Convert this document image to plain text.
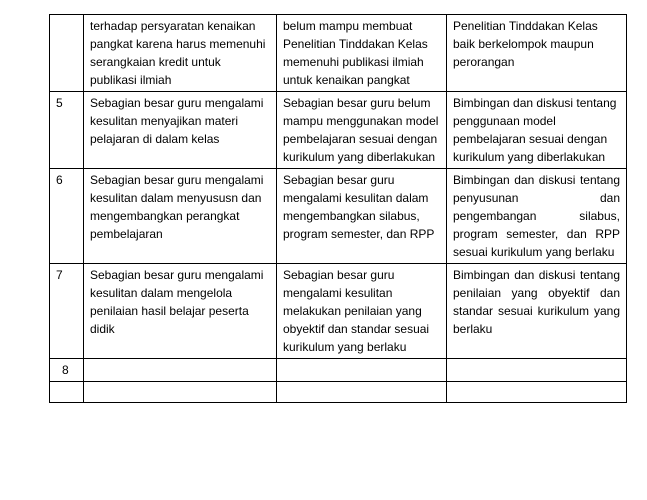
	terhadap persyaratan kenaikan pangkat karena harus memenuhi serangkaian kredit untuk publikasi ilmiah	belum mampu membuat Penelitian Tinddakan Kelas memenuhi publikasi ilmiah untuk kenaikan pangkat	Penelitian Tinddakan Kelas baik berkelompok maupun perorangan
5	Sebagian besar guru mengalami kesulitan menyajikan materi pelajaran di dalam kelas	Sebagian besar guru belum mampu menggunakan model pembelajaran sesuai dengan kurikulum yang diberlakukan	Bimbingan dan diskusi tentang penggunaan model pembelajaran sesuai dengan kurikulum yang diberlakukan
6	Sebagian besar guru mengalami kesulitan dalam menyususn dan mengembangkan perangkat pembelajaran	Sebagian besar guru mengalami kesulitan dalam mengembangkan silabus, program semester, dan RPP	Bimbingan dan diskusi tentang penyusunan dan pengembangan silabus, program semester, dan RPP sesuai kurikulum yang berlaku
7	Sebagian besar guru mengalami kesulitan dalam mengelola penilaian hasil belajar peserta didik	Sebagian besar guru mengalami kesulitan melakukan penilaian yang obyektif dan standar sesuai kurikulum yang berlaku	Bimbingan dan diskusi tentang penilaian yang obyektif dan standar sesuai kurikulum yang berlaku
8			
